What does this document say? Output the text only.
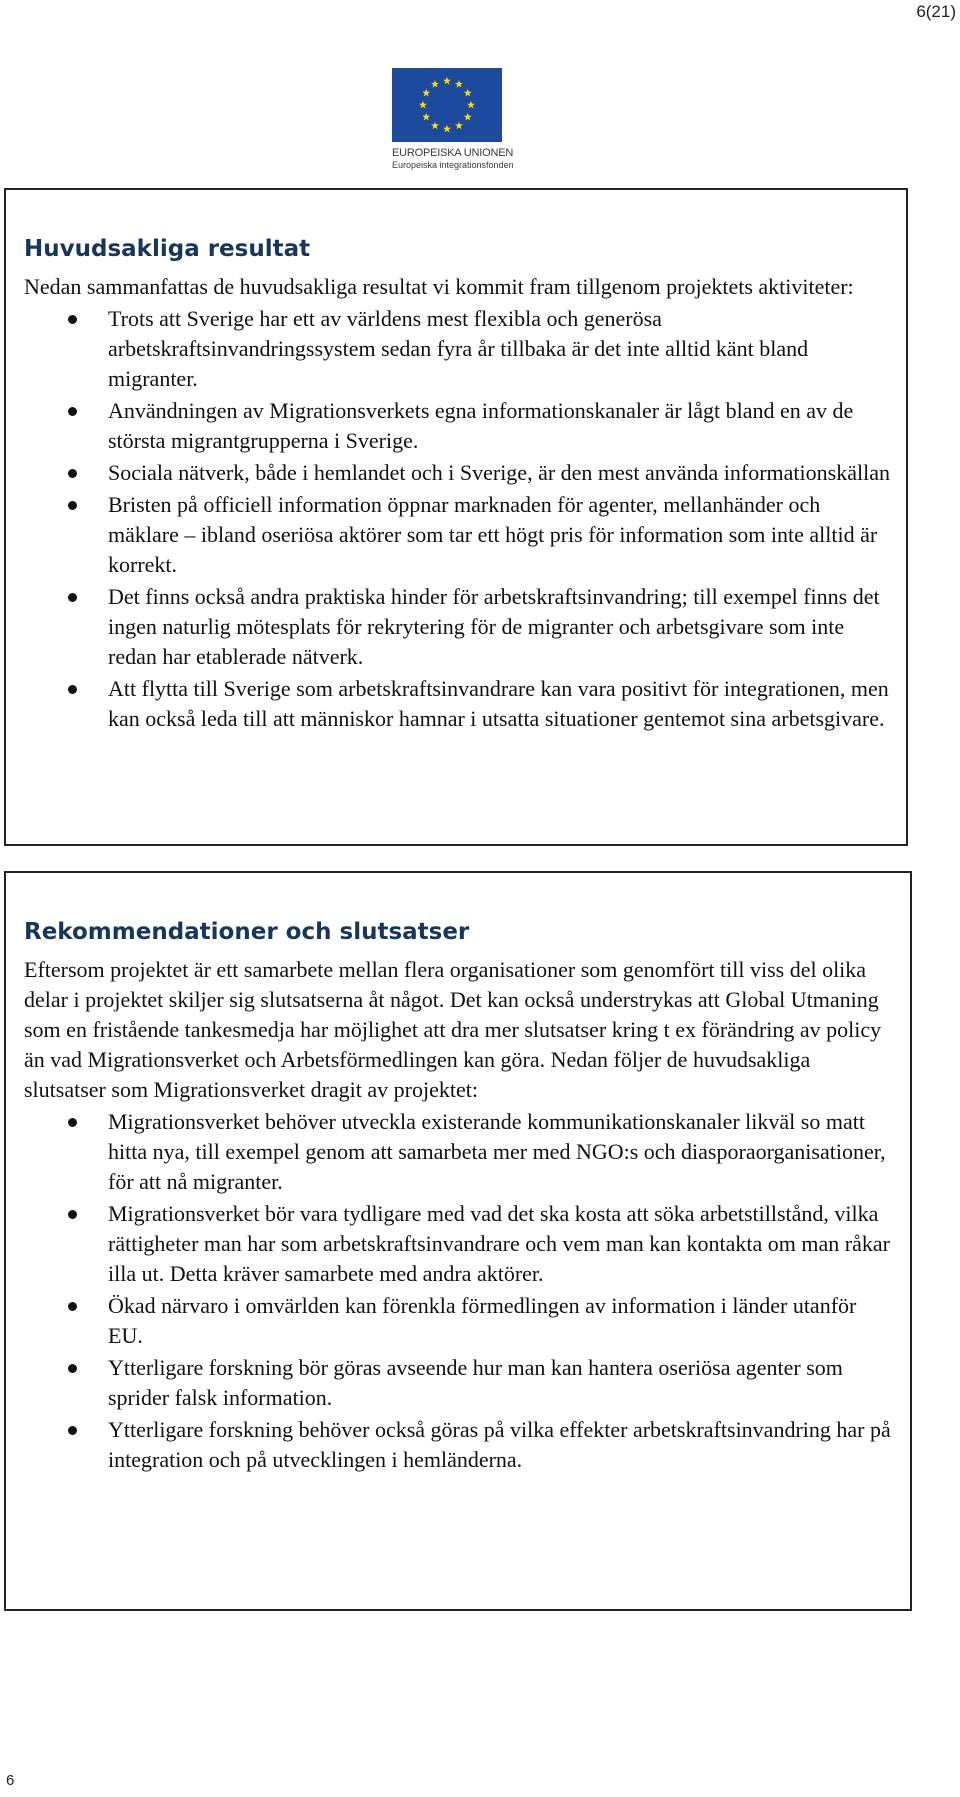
6(21)
EUROPEISKA UNIONEN
Europeiska integrationsfonden
Huvudsakliga resultat

Nedan sammanfattas de huvudsakliga resultat vi kommit fram tillgenom projektets aktiviteter:

Trots att Sverige har ett av världens mest flexibla och generösa arbetskraftsinvandringssystem sedan fyra år tillbaka är det inte alltid känt bland migranter.
Användningen av Migrationsverkets egna informationskanaler är lågt bland en av de största migrantgrupperna i Sverige.
Sociala nätverk, både i hemlandet och i Sverige, är den mest använda informationskällan
Bristen på officiell information öppnar marknaden för agenter, mellanhänder och mäklare – ibland oseriösa aktörer som tar ett högt pris för information som inte alltid är korrekt.
Det finns också andra praktiska hinder för arbetskraftsinvandring; till exempel finns det ingen naturlig mötesplats för rekrytering för de migranter och arbetsgivare som inte redan har etablerade nätverk.
Att flytta till Sverige som arbetskraftsinvandrare kan vara positivt för integrationen, men kan också leda till att människor hamnar i utsatta situationer gentemot sina arbetsgivare.
Rekommendationer och slutsatser

Eftersom projektet är ett samarbete mellan flera organisationer som genomfört till viss del olika delar i projektet skiljer sig slutsatserna åt något. Det kan också understrykas att Global Utmaning som en fristående tankesmedja har möjlighet att dra mer slutsatser kring t ex förändring av policy än vad Migrationsverket och Arbetsförmedlingen kan göra. Nedan följer de huvudsakliga slutsatser som Migrationsverket dragit av projektet:

Migrationsverket behöver utveckla existerande kommunikationskanaler likväl so matt hitta nya, till exempel genom att samarbeta mer med NGO:s och diasporaorganisationer, för att nå migranter.
Migrationsverket bör vara tydligare med vad det ska kosta att söka arbetstillstånd, vilka rättigheter man har som arbetskraftsinvandrare och vem man kan kontakta om man råkar illa ut. Detta kräver samarbete med andra aktörer.
Ökad närvaro i omvärlden kan förenkla förmedlingen av information i länder utanför EU.
Ytterligare forskning bör göras avseende hur man kan hantera oseriösa agenter som sprider falsk information.
Ytterligare forskning behöver också göras på vilka effekter arbetskraftsinvandring har på integration och på utvecklingen i hemländerna.
6
